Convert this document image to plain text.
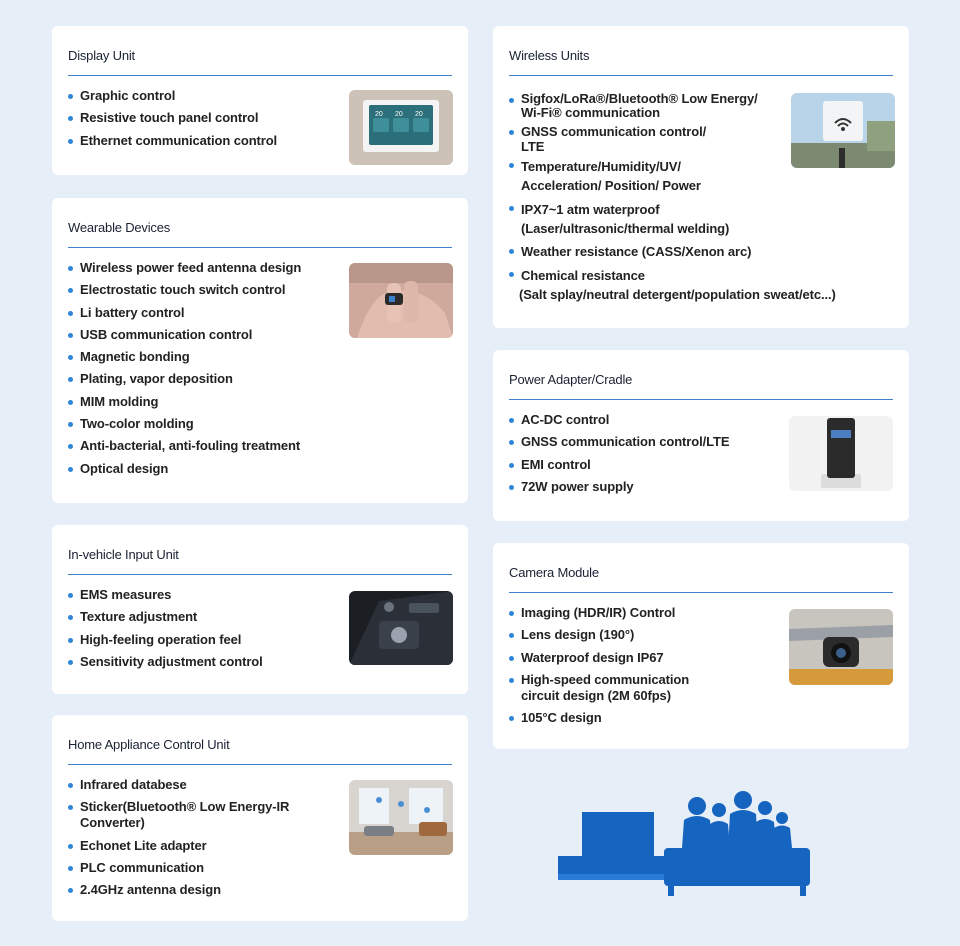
Display Unit
Graphic control
Resistive touch panel control
Ethernet communication control
20 20 20
Wearable Devices
Wireless power feed antenna design
Electrostatic touch switch control
Li battery control
USB communication control
Magnetic bonding
Plating, vapor deposition
MIM molding
Two-color molding
Anti-bacterial, anti-fouling treatment
Optical design
In-vehicle Input Unit
EMS measures
Texture adjustment
High-feeling operation feel
Sensitivity adjustment control
Home Appliance Control Unit
Infrared databese
Sticker(Bluetooth® Low Energy-IR
Converter)
Echonet Lite adapter
PLC communication
2.4GHz antenna design
Wireless Units
Sigfox/LoRa®/Bluetooth® Low Energy/
Wi-Fi® communication
GNSS communication control/
LTE
Temperature/Humidity/UV/
Acceleration/ Position/ Power
IPX7~1 atm waterproof
(Laser/ultrasonic/thermal welding)
Weather resistance (CASS/Xenon arc)
Chemical resistance
(Salt splay/neutral detergent/population sweat/etc...)
Power Adapter/Cradle
AC-DC control
GNSS communication control/LTE
EMI control
72W power supply
Camera Module
Imaging (HDR/IR) Control
Lens design (190°)
Waterproof design IP67
High-speed communication
circuit design (2M 60fps)
105°C design
